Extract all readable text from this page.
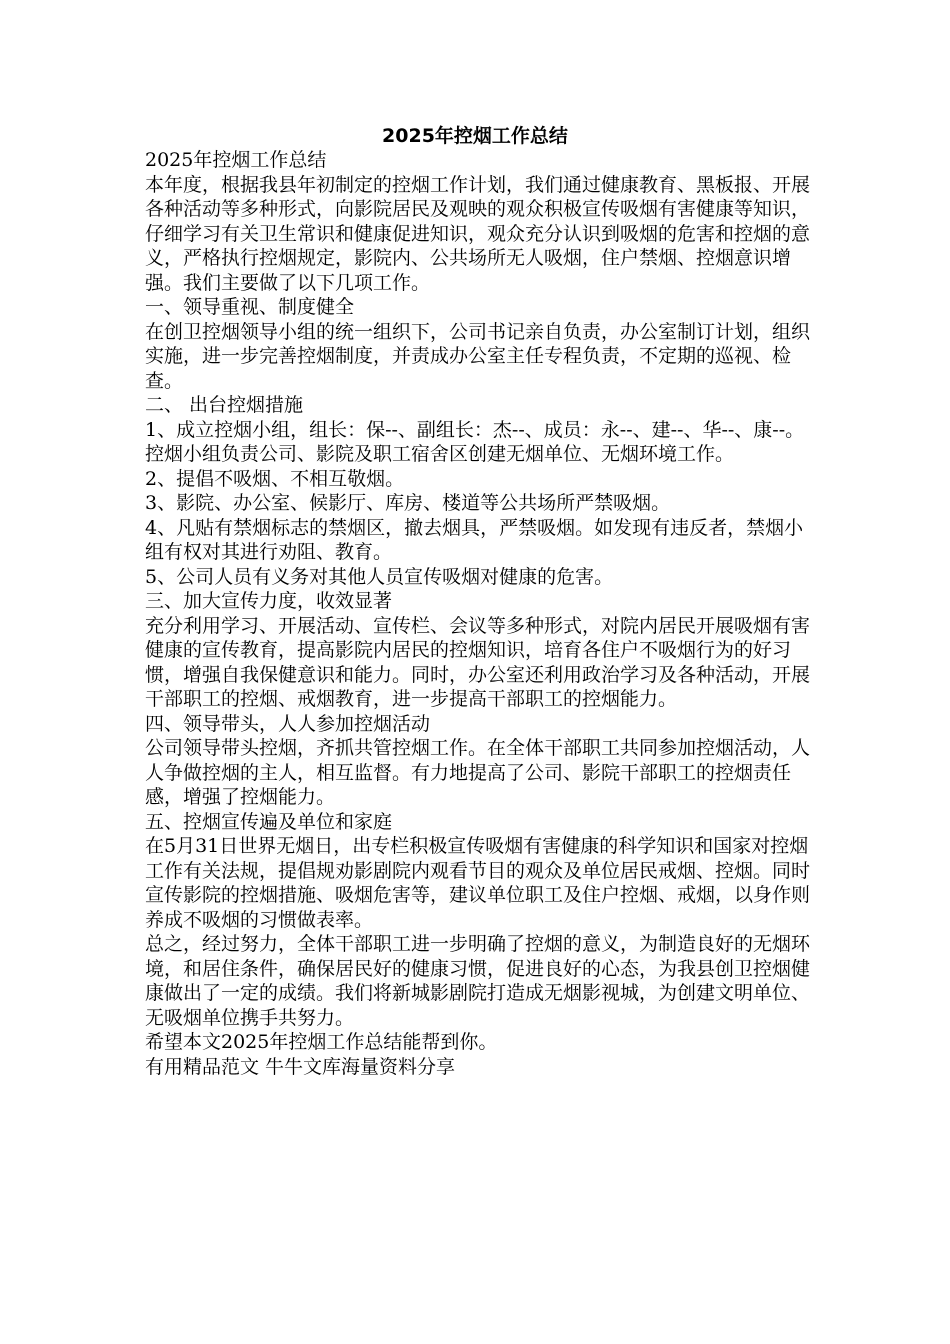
2025年控烟工作总结

2025年控烟工作总结

本年度，根据我县年初制定的控烟工作计划，我们通过健康教育、黑板报、开展各种活动等多种形式，向影院居民及观映的观众积极宣传吸烟有害健康等知识，仔细学习有关卫生常识和健康促进知识，观众充分认识到吸烟的危害和控烟的意义，严格执行控烟规定，影院内、公共场所无人吸烟，住户禁烟、控烟意识增强。我们主要做了以下几项工作。

一、领导重视、制度健全

在创卫控烟领导小组的统一组织下，公司书记亲自负责，办公室制订计划，组织实施，进一步完善控烟制度，并责成办公室主任专程负责，不定期的巡视、检查。

二、 出台控烟措施

1、成立控烟小组，组长：保--、副组长：杰--、成员：永--、建--、华--、康--。控烟小组负责公司、影院及职工宿舍区创建无烟单位、无烟环境工作。

2、提倡不吸烟、不相互敬烟。

3、影院、办公室、候影厅、库房、楼道等公共场所严禁吸烟。

4、凡贴有禁烟标志的禁烟区，撤去烟具，严禁吸烟。如发现有违反者，禁烟小组有权对其进行劝阻、教育。

5、公司人员有义务对其他人员宣传吸烟对健康的危害。

三、加大宣传力度，收效显著

充分利用学习、开展活动、宣传栏、会议等多种形式，对院内居民开展吸烟有害健康的宣传教育，提高影院内居民的控烟知识，培育各住户不吸烟行为的好习惯，增强自我保健意识和能力。同时，办公室还利用政治学习及各种活动，开展干部职工的控烟、戒烟教育，进一步提高干部职工的控烟能力。

四、领导带头，人人参加控烟活动

公司领导带头控烟，齐抓共管控烟工作。在全体干部职工共同参加控烟活动，人人争做控烟的主人，相互监督。有力地提高了公司、影院干部职工的控烟责任感，增强了控烟能力。

五、控烟宣传遍及单位和家庭

在5月31日世界无烟日，出专栏积极宣传吸烟有害健康的科学知识和国家对控烟工作有关法规，提倡规劝影剧院内观看节目的观众及单位居民戒烟、控烟。同时宣传影院的控烟措施、吸烟危害等，建议单位职工及住户控烟、戒烟，以身作则养成不吸烟的习惯做表率。

总之，经过努力，全体干部职工进一步明确了控烟的意义，为制造良好的无烟环境，和居住条件，确保居民好的健康习惯，促进良好的心态，为我县创卫控烟健康做出了一定的成绩。我们将新城影剧院打造成无烟影视城，为创建文明单位、无吸烟单位携手共努力。

希望本文2025年控烟工作总结能帮到你。

有用精品范文 牛牛文库海量资料分享
